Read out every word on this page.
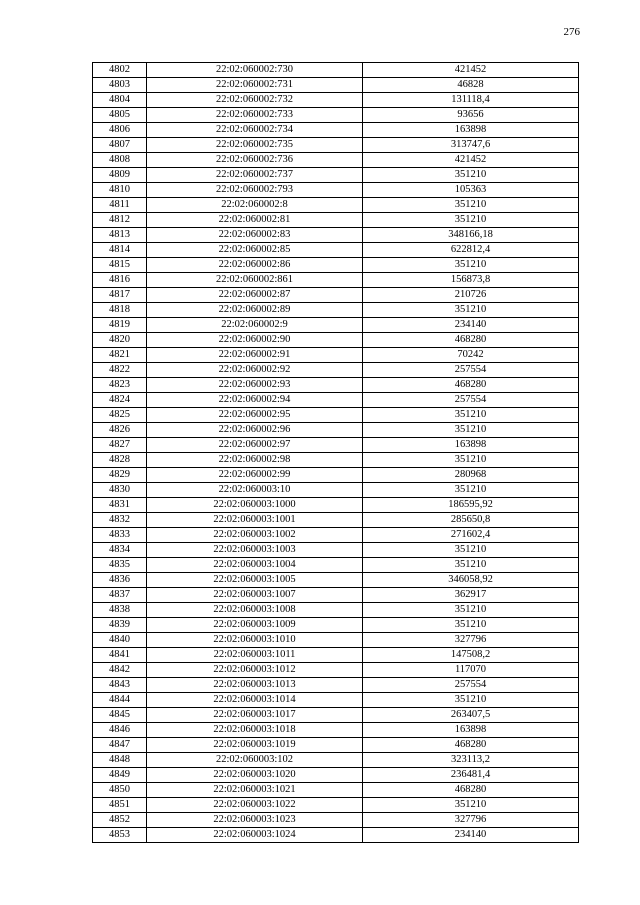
276
4802	22:02:060002:730	421452
4803	22:02:060002:731	46828
4804	22:02:060002:732	131118,4
4805	22:02:060002:733	93656
4806	22:02:060002:734	163898
4807	22:02:060002:735	313747,6
4808	22:02:060002:736	421452
4809	22:02:060002:737	351210
4810	22:02:060002:793	105363
4811	22:02:060002:8	351210
4812	22:02:060002:81	351210
4813	22:02:060002:83	348166,18
4814	22:02:060002:85	622812,4
4815	22:02:060002:86	351210
4816	22:02:060002:861	156873,8
4817	22:02:060002:87	210726
4818	22:02:060002:89	351210
4819	22:02:060002:9	234140
4820	22:02:060002:90	468280
4821	22:02:060002:91	70242
4822	22:02:060002:92	257554
4823	22:02:060002:93	468280
4824	22:02:060002:94	257554
4825	22:02:060002:95	351210
4826	22:02:060002:96	351210
4827	22:02:060002:97	163898
4828	22:02:060002:98	351210
4829	22:02:060002:99	280968
4830	22:02:060003:10	351210
4831	22:02:060003:1000	186595,92
4832	22:02:060003:1001	285650,8
4833	22:02:060003:1002	271602,4
4834	22:02:060003:1003	351210
4835	22:02:060003:1004	351210
4836	22:02:060003:1005	346058,92
4837	22:02:060003:1007	362917
4838	22:02:060003:1008	351210
4839	22:02:060003:1009	351210
4840	22:02:060003:1010	327796
4841	22:02:060003:1011	147508,2
4842	22:02:060003:1012	117070
4843	22:02:060003:1013	257554
4844	22:02:060003:1014	351210
4845	22:02:060003:1017	263407,5
4846	22:02:060003:1018	163898
4847	22:02:060003:1019	468280
4848	22:02:060003:102	323113,2
4849	22:02:060003:1020	236481,4
4850	22:02:060003:1021	468280
4851	22:02:060003:1022	351210
4852	22:02:060003:1023	327796
4853	22:02:060003:1024	234140
